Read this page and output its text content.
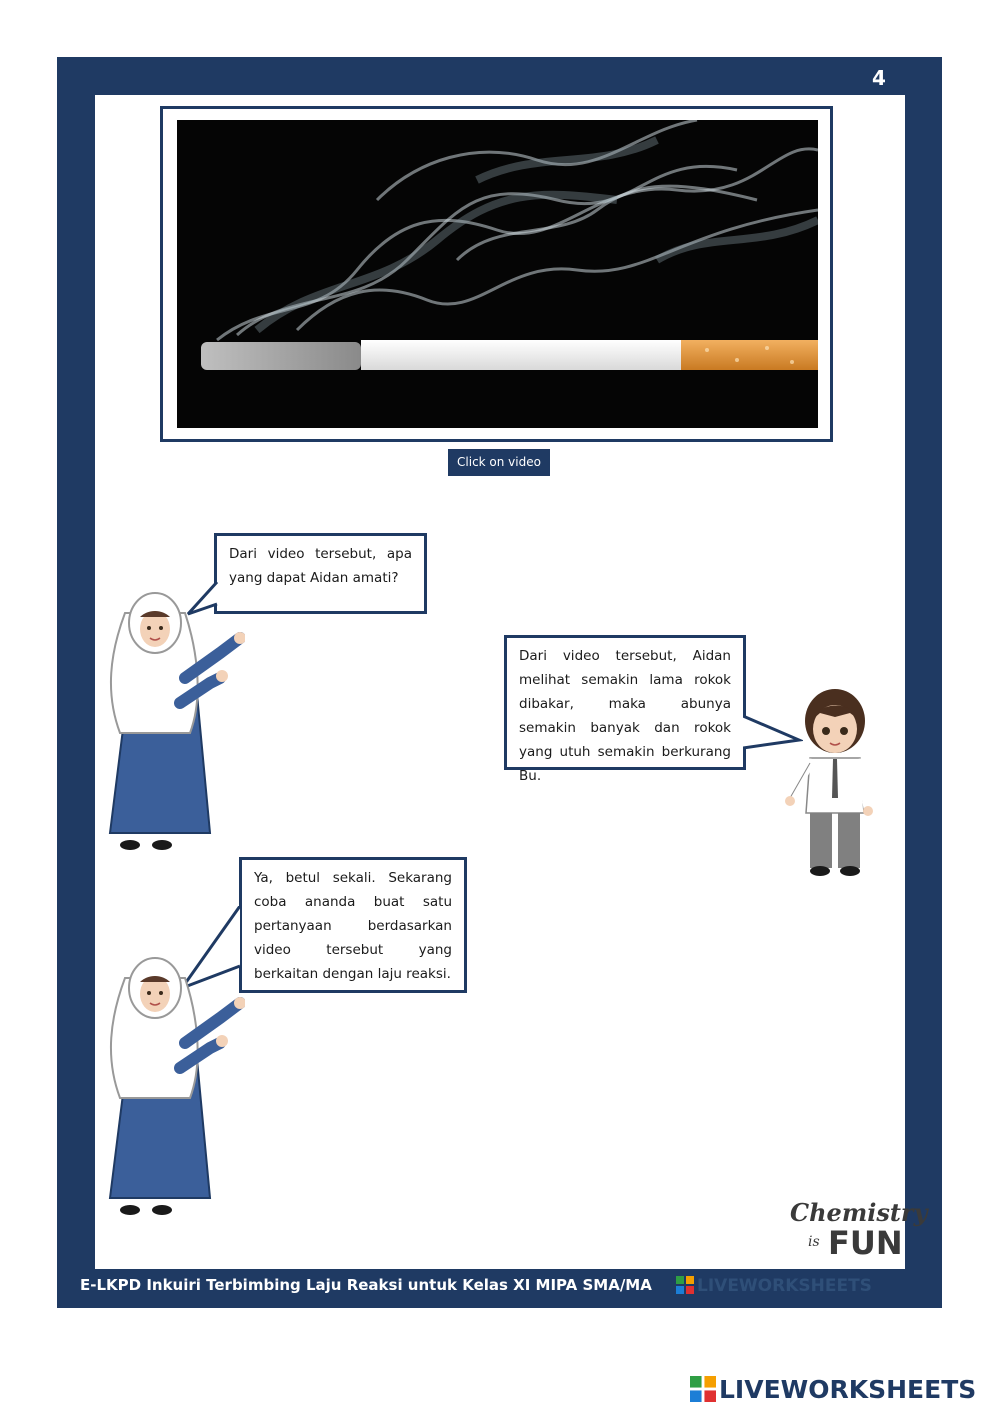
4
Click on video
Dari video tersebut, apa yang dapat Aidan amati?
Dari video tersebut, Aidan melihat semakin lama rokok dibakar, maka abunya semakin banyak dan rokok yang utuh semakin berkurang Bu.
Ya, betul sekali. Sekarang coba ananda buat satu pertanyaan berdasarkan video tersebut yang berkaitan dengan laju reaksi.
Chemistry
is FUN
E-LKPD Inkuiri Terbimbing Laju Reaksi untuk Kelas XI MIPA SMA/MA	LIVEWORKSHEETS
LIVEWORKSHEETS
